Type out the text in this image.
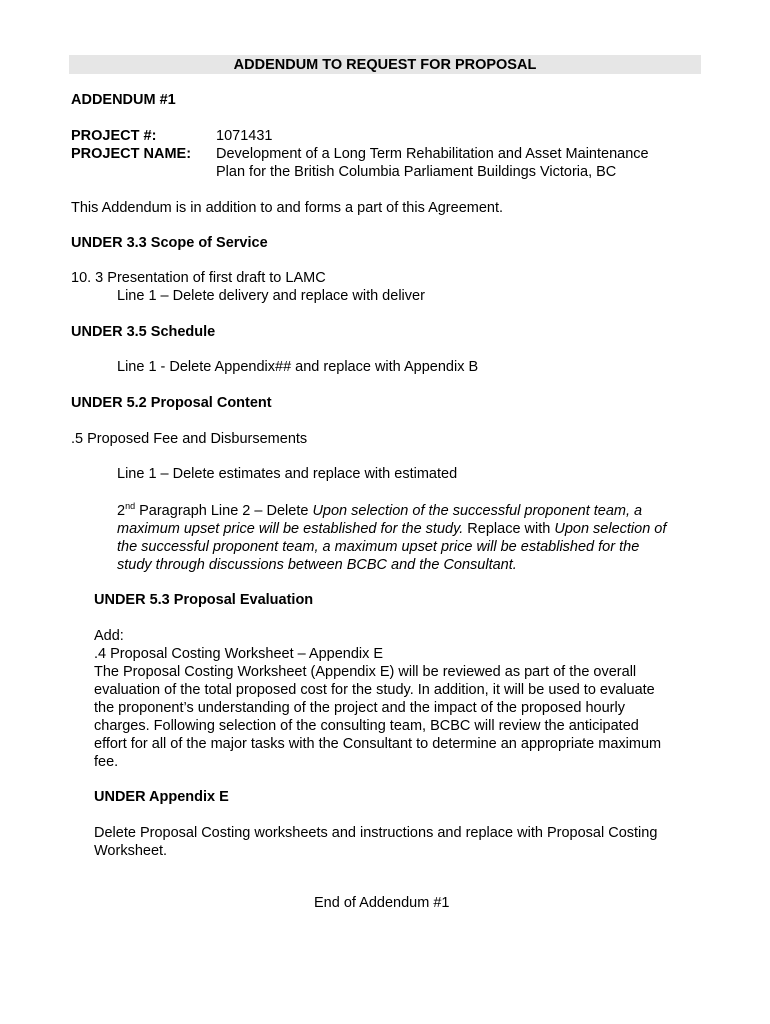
ADDENDUM TO REQUEST FOR PROPOSAL
ADDENDUM #1
PROJECT #:	1071431
PROJECT NAME: Development of a Long Term Rehabilitation and Asset Maintenance
Plan for the British Columbia Parliament Buildings Victoria, BC
This Addendum is in addition to and forms a part of this Agreement.
UNDER 3.3 Scope of Service
10. 3 Presentation of first draft to LAMC
Line 1 – Delete delivery and replace with deliver
UNDER 3.5 Schedule
Line 1 - Delete Appendix## and replace with Appendix B
UNDER 5.2 Proposal Content
.5 Proposed Fee and Disbursements
Line 1 – Delete estimates and replace with estimated
2nd Paragraph Line 2 – Delete Upon selection of the successful proponent team, a
maximum upset price will be established for the study. Replace with Upon selection of
the successful proponent team, a maximum upset price will be established for the
study through discussions between BCBC and the Consultant.
UNDER 5.3 Proposal Evaluation
Add:
.4 Proposal Costing Worksheet – Appendix E
The Proposal Costing Worksheet (Appendix E) will be reviewed as part of the overall
evaluation of the total proposed cost for the study. In addition, it will be used to evaluate
the proponent’s understanding of the project and the impact of the proposed hourly
charges. Following selection of the consulting team, BCBC will review the anticipated
effort for all of the major tasks with the Consultant to determine an appropriate maximum
fee.
UNDER Appendix E
Delete Proposal Costing worksheets and instructions and replace with Proposal Costing
Worksheet.
End of Addendum #1
